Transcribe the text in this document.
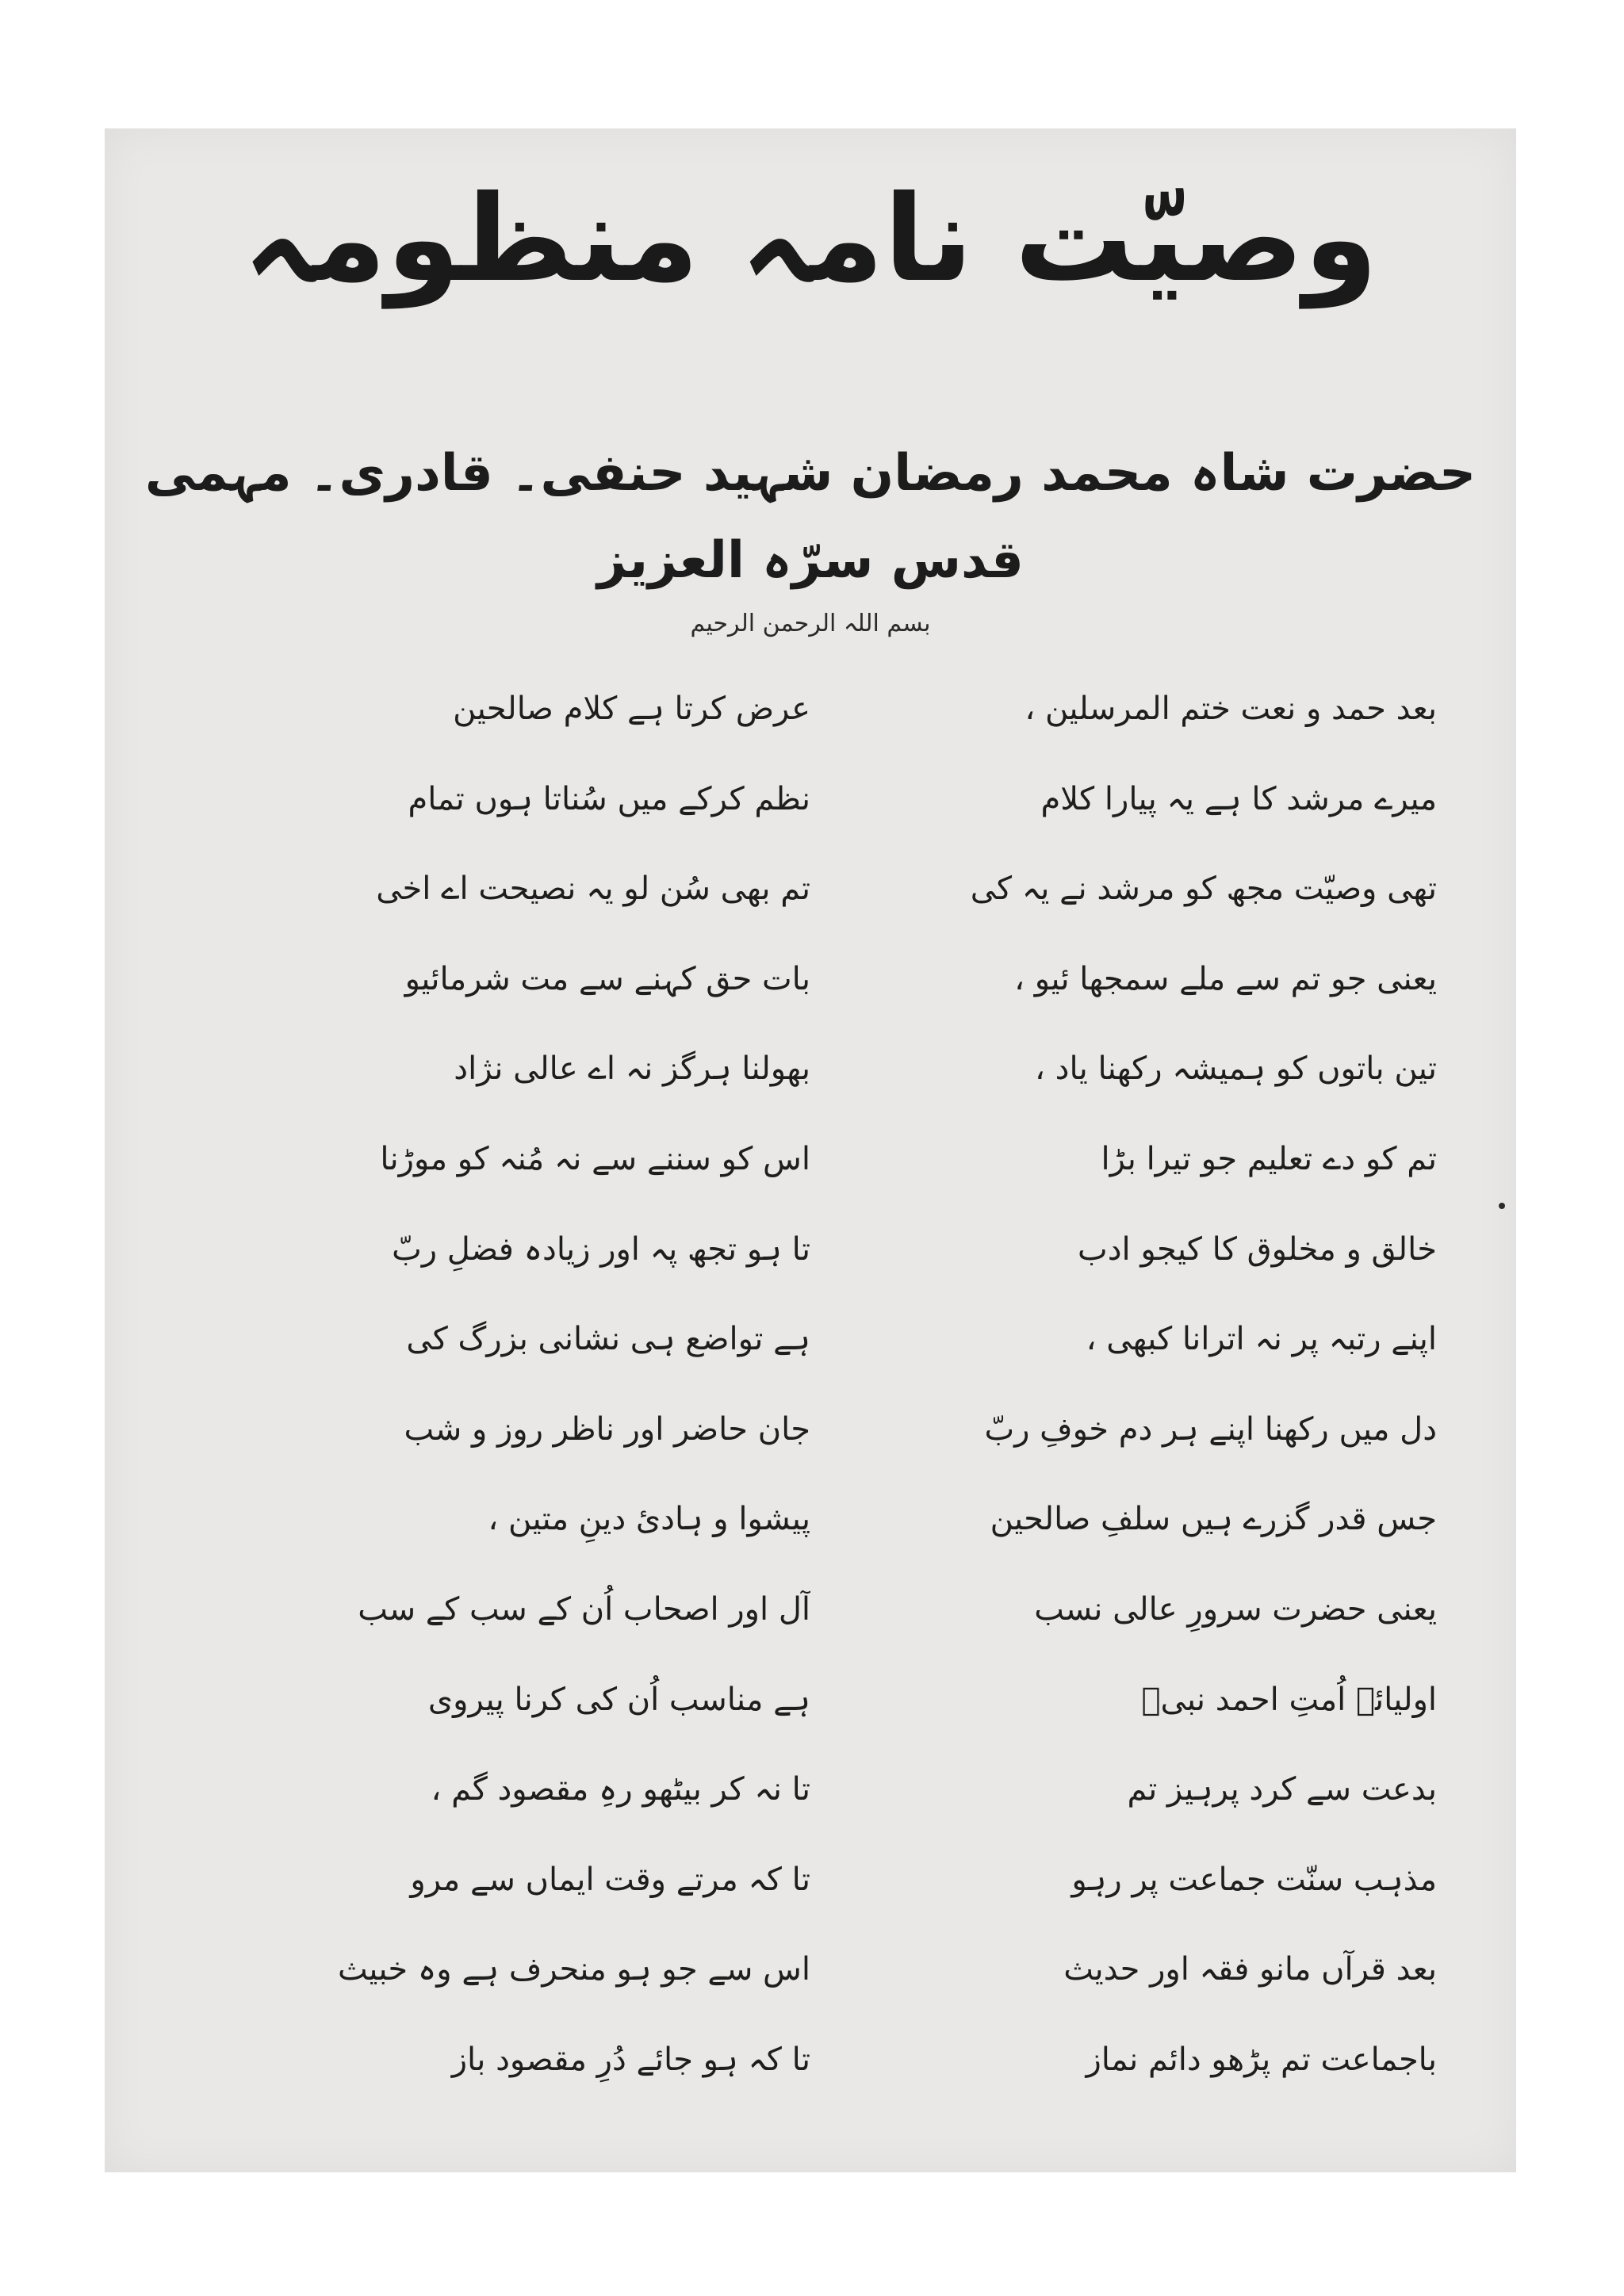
وصیّت نامہ منظومہ
حضرت شاہ محمد رمضان شہید حنفی۔ قادری۔ مہمی قدس سرّہ العزیز
بسم اللہ الرحمن الرحیم
بعد حمد و نعت ختم المرسلین ،
میرے مرشد کا ہے یہ پیارا کلام
تھی وصیّت مجھ کو مرشد نے یہ کی
یعنی جو تم سے ملے سمجھا ئیو ،
تین باتوں کو ہمیشہ رکھنا یاد ،
تم کو دے تعلیم جو تیرا بڑا
خالق و مخلوق کا کیجو ادب
اپنے رتبہ پر نہ اترانا کبھی ،
دل میں رکھنا اپنے ہر دم خوفِ ربّ
جس قدر گزرے ہیں سلفِ صالحین
یعنی حضرت سرورِ عالی نسب
اولیائے اُمتِ احمد نبیؐ
بدعت سے کرد پرہیز تم
مذہب سنّت جماعت پر رہو
بعد قرآں مانو فقہ اور حدیث
باجماعت تم پڑھو دائم نماز
عرض کرتا ہے کلام صالحین
نظم کرکے میں سُناتا ہوں تمام
تم بھی سُن لو یہ نصیحت اے اخی
بات حق کہنے سے مت شرمائیو
بھولنا ہرگز نہ اے عالی نژاد
اس کو سننے سے نہ مُنہ کو موڑنا
تا ہو تجھ پہ اور زیادہ فضلِ ربّ
ہے تواضع ہی نشانی بزرگ کی
جان حاضر اور ناظر روز و شب
پیشوا و ہادئ دینِ متین ،
آل اور اصحاب اُن کے سب کے سب
ہے مناسب اُن کی کرنا پیروی
تا نہ کر بیٹھو رہِ مقصود گم ،
تا کہ مرتے وقت ایماں سے مرو
اس سے جو ہو منحرف ہے وہ خبیث
تا کہ ہو جائے دُرِ مقصود باز
